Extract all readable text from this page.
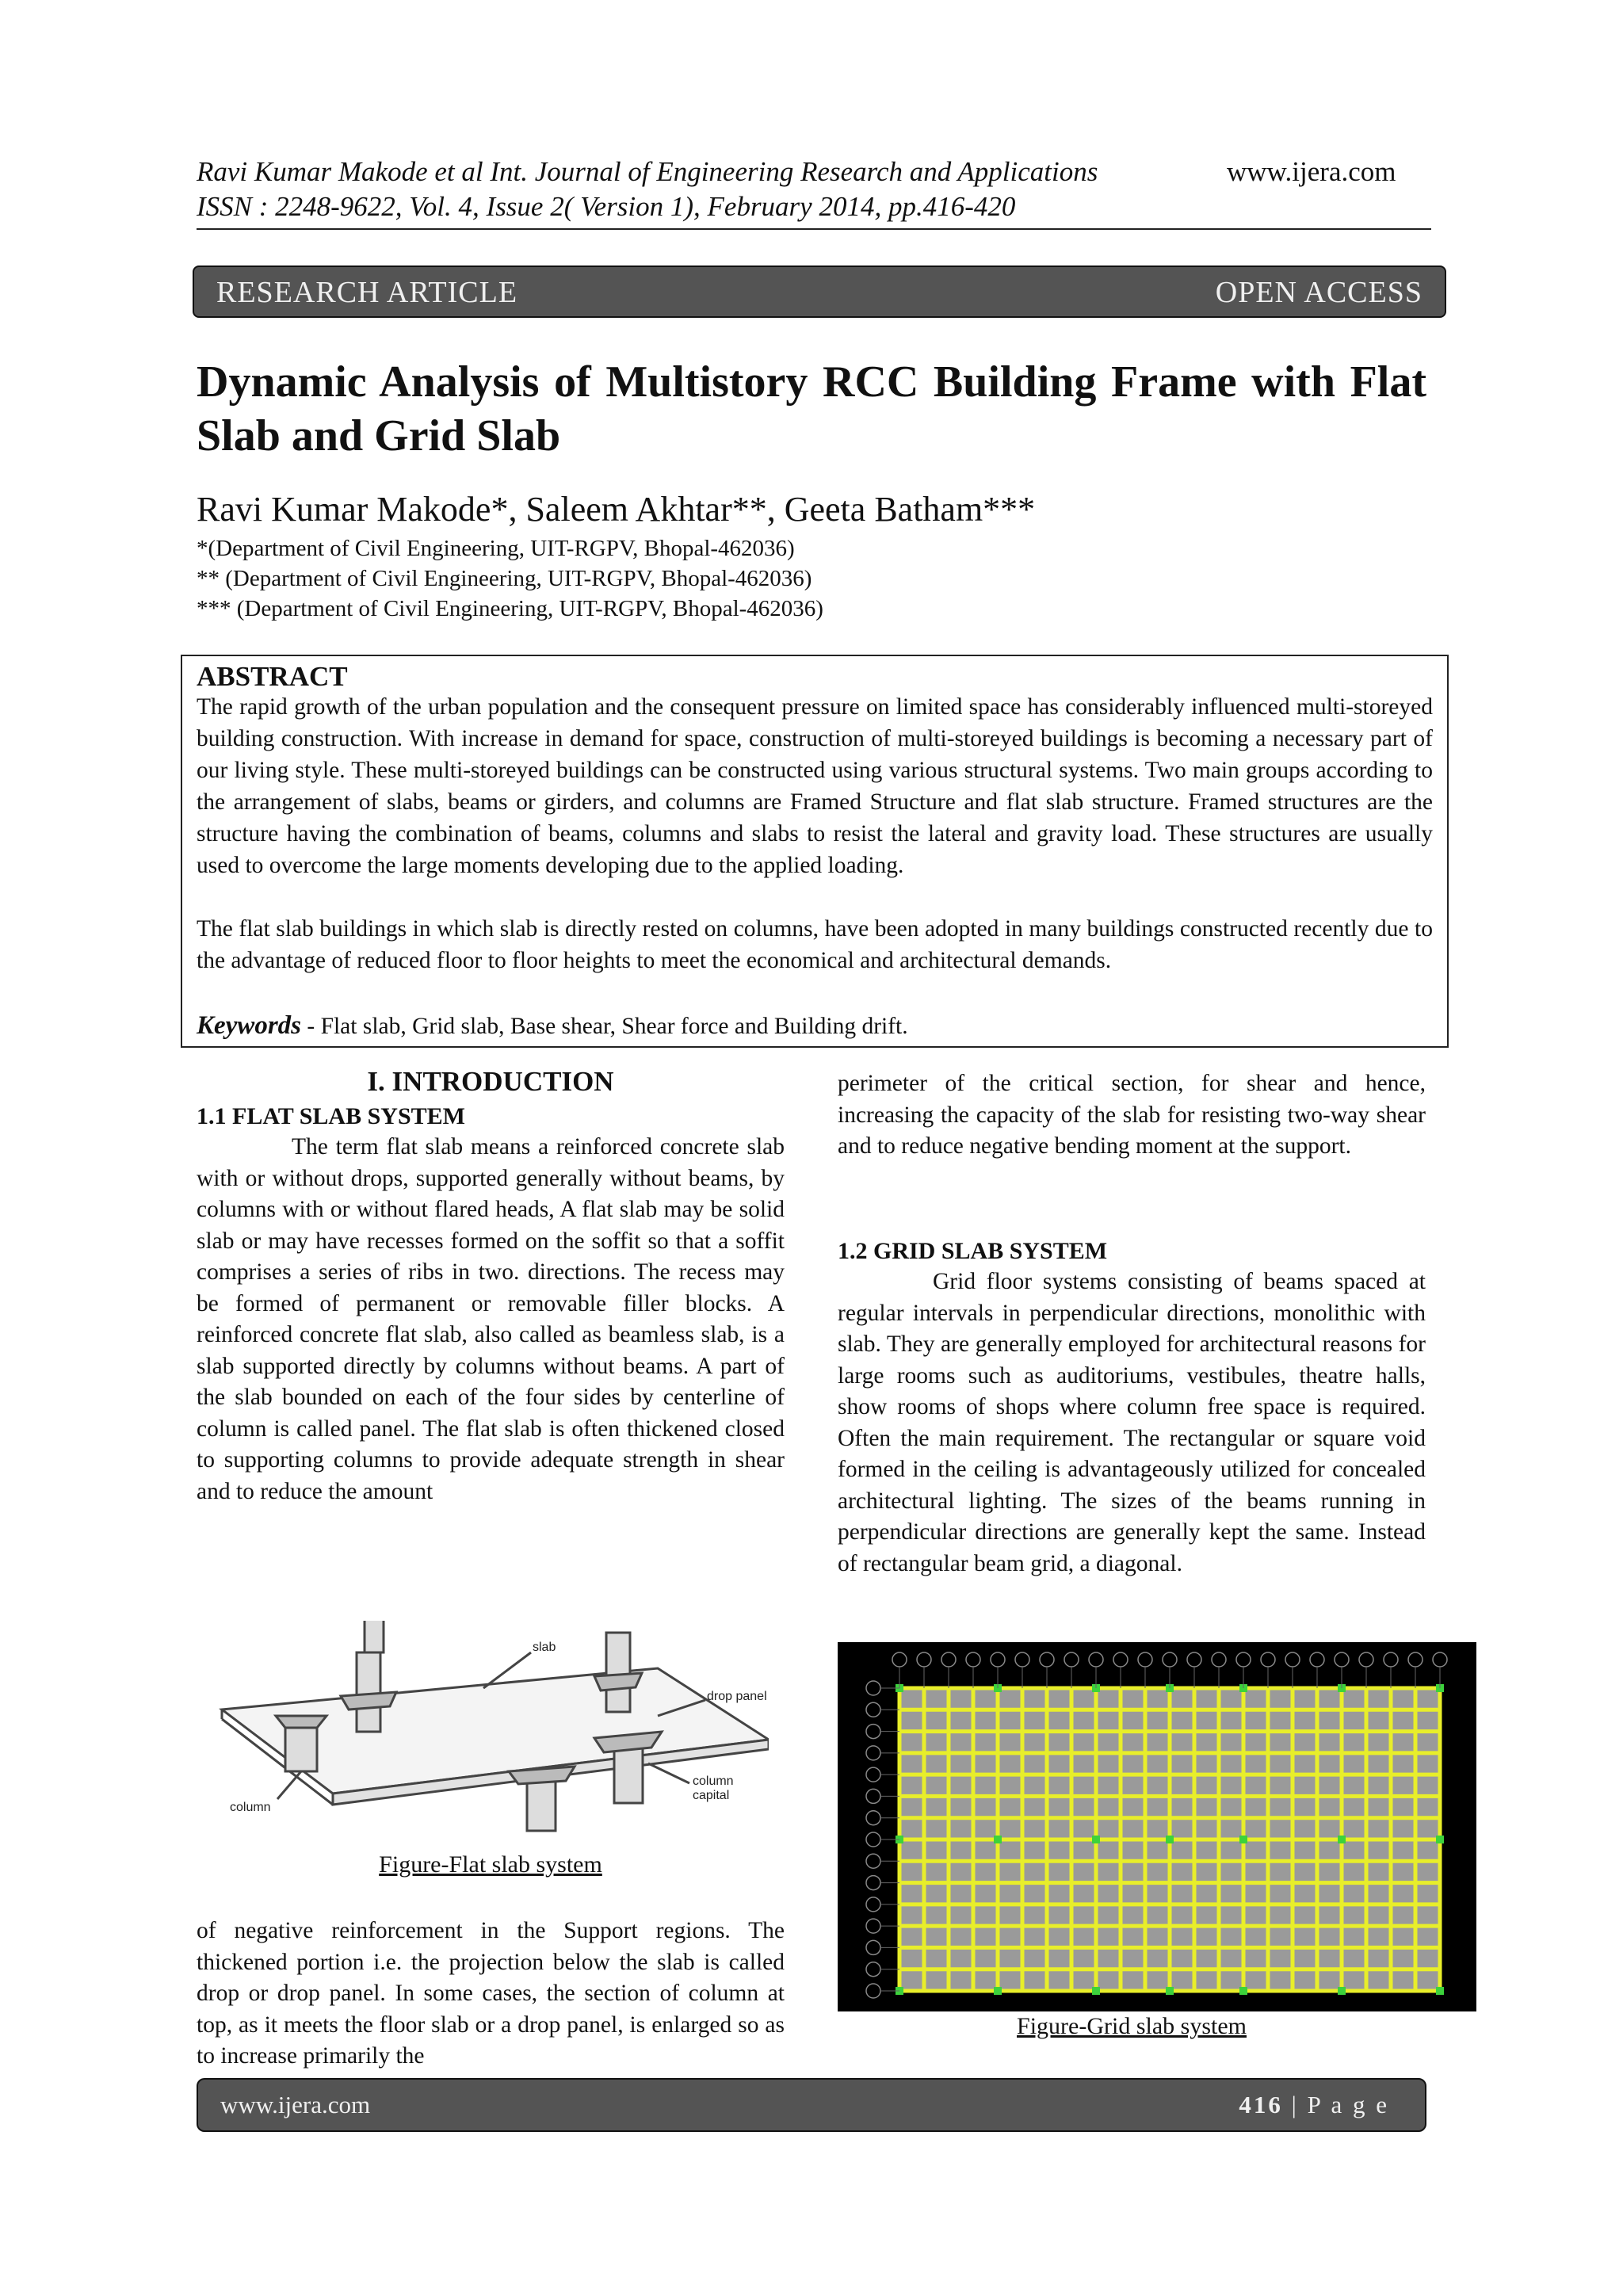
Ravi Kumar Makode et al Int. Journal of Engineering Research and Applications	www.ijera.com
ISSN : 2248-9622, Vol. 4, Issue 2( Version 1), February 2014, pp.416-420
RESEARCH ARTICLE	OPEN ACCESS
Dynamic Analysis of Multistory RCC Building Frame with Flat Slab and Grid Slab
Ravi Kumar Makode*, Saleem Akhtar**, Geeta Batham***
*(Department of Civil Engineering, UIT-RGPV, Bhopal-462036)
** (Department of Civil Engineering, UIT-RGPV, Bhopal-462036)
*** (Department of Civil Engineering, UIT-RGPV, Bhopal-462036)
ABSTRACT
The rapid growth of the urban population and the consequent pressure on limited space has considerably influenced multi-storeyed building construction. With increase in demand for space, construction of multi-storeyed buildings is becoming a necessary part of our living style. These multi-storeyed buildings can be constructed using various structural systems. Two main groups according to the arrangement of slabs, beams or girders, and columns are Framed Structure and flat slab structure. Framed structures are the structure having the combination of beams, columns and slabs to resist the lateral and gravity load. These structures are usually used to overcome the large moments developing due to the applied loading.
The flat slab buildings in which slab is directly rested on columns, have been adopted in many buildings constructed recently due to the advantage of reduced floor to floor heights to meet the economical and architectural demands.
Keywords - Flat slab, Grid slab, Base shear, Shear force and Building drift.
I. INTRODUCTION
1.1 FLAT SLAB SYSTEM
The term flat slab means a reinforced concrete slab with or without drops, supported generally without beams, by columns with or without flared heads, A flat slab may be solid slab or may have recesses formed on the soffit so that a soffit comprises a series of ribs in two. directions. The recess may be formed of permanent or removable filler blocks. A reinforced concrete flat slab, also called as beamless slab, is a slab supported directly by columns without beams. A part of the slab bounded on each of the four sides by centerline of column is called panel. The flat slab is often thickened closed to supporting columns to provide adequate strength in shear and to reduce the amount
slab
drop panel
column
column
capital
Figure-Flat slab system
of negative reinforcement in the Support regions. The thickened portion i.e. the projection below the slab is called drop or drop panel. In some cases, the section of column at top, as it meets the floor slab or a drop panel, is enlarged so as to increase primarily the
perimeter of the critical section, for shear and hence, increasing the capacity of the slab for resisting two-way shear and to reduce negative bending moment at the support.
1.2 GRID SLAB SYSTEM
Grid floor systems consisting of beams spaced at regular intervals in perpendicular directions, monolithic with slab. They are generally employed for architectural reasons for large rooms such as auditoriums, vestibules, theatre halls, show rooms of shops where column free space is required. Often the main requirement. The rectangular or square void formed in the ceiling is advantageously utilized for concealed architectural lighting. The sizes of the beams running in perpendicular directions are generally kept the same. Instead of rectangular beam grid, a diagonal.
Figure-Grid slab system
www.ijera.com	416 | P a g e
